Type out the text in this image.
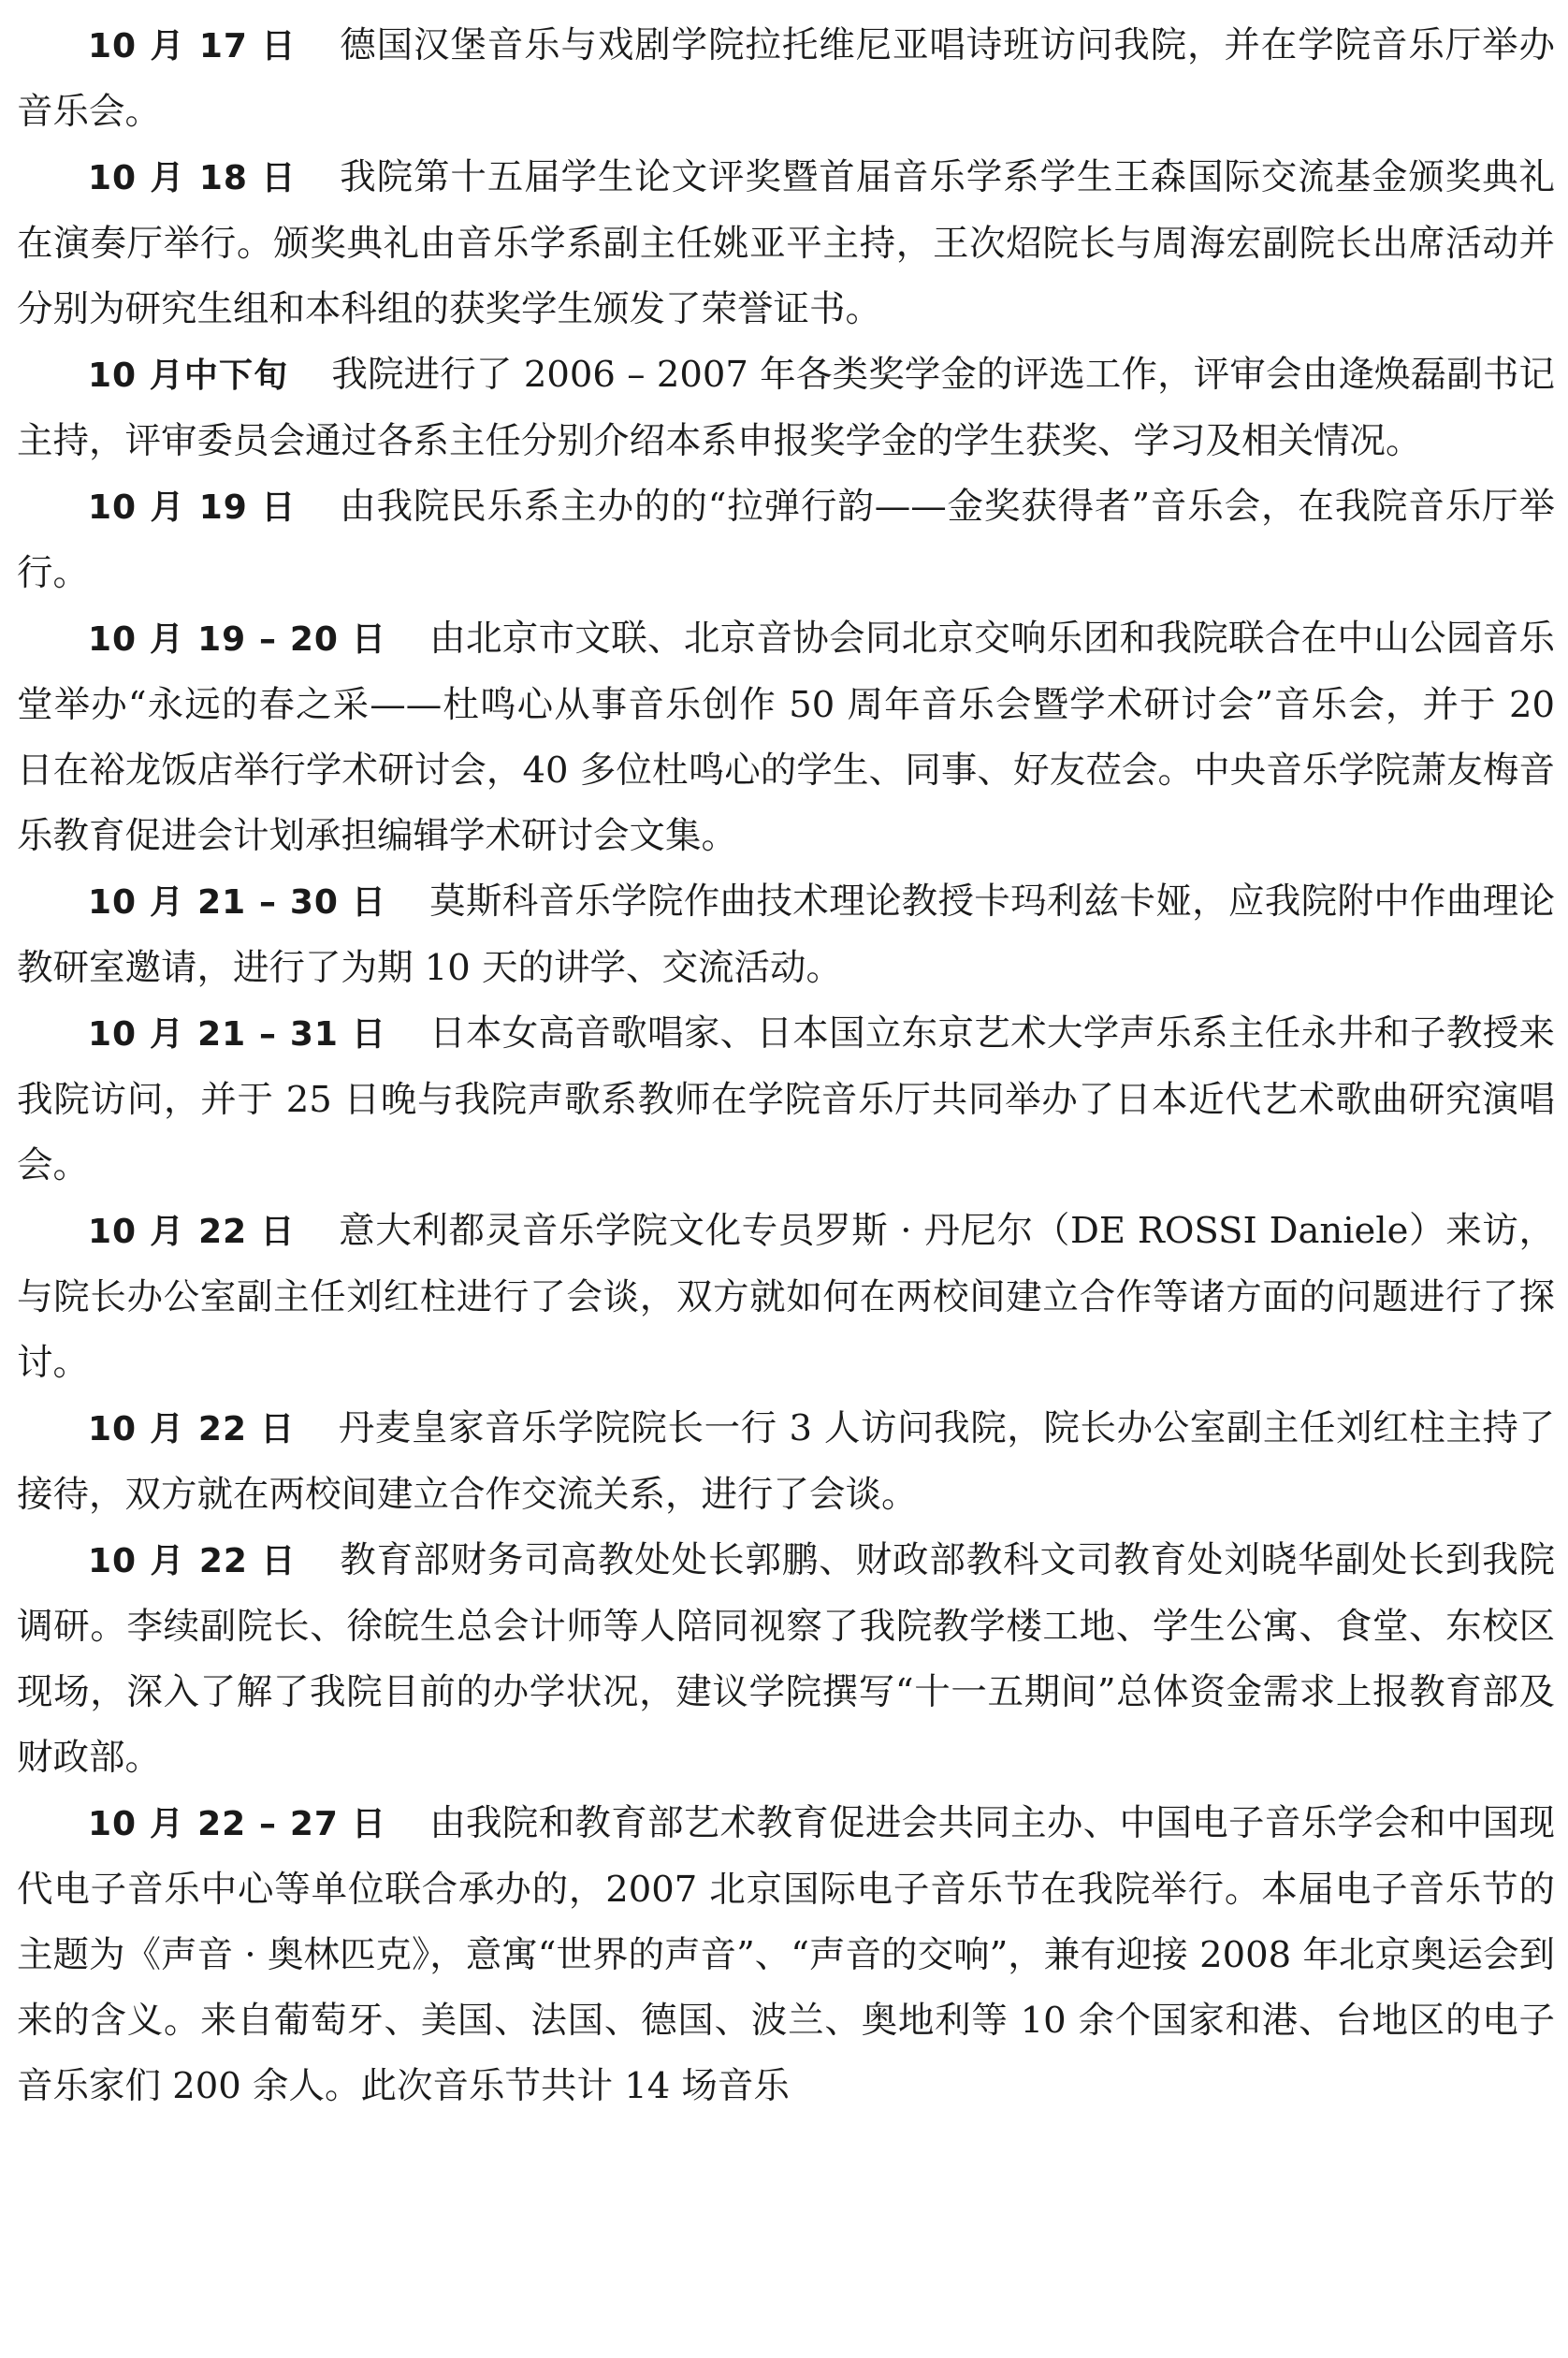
10 月 17 日 德国汉堡音乐与戏剧学院拉托维尼亚唱诗班访问我院，并在学院音乐厅举办音乐会。

10 月 18 日 我院第十五届学生论文评奖暨首届音乐学系学生王森国际交流基金颁奖典礼在演奏厅举行。颁奖典礼由音乐学系副主任姚亚平主持，王次炤院长与周海宏副院长出席活动并分别为研究生组和本科组的获奖学生颁发了荣誉证书。

10 月中下旬 我院进行了 2006 – 2007 年各类奖学金的评选工作，评审会由逄焕磊副书记主持，评审委员会通过各系主任分别介绍本系申报奖学金的学生获奖、学习及相关情况。

10 月 19 日 由我院民乐系主办的的“拉弹行韵——金奖获得者”音乐会，在我院音乐厅举行。

10 月 19 – 20 日 由北京市文联、北京音协会同北京交响乐团和我院联合在中山公园音乐堂举办“永远的春之采——杜鸣心从事音乐创作 50 周年音乐会暨学术研讨会”音乐会，并于 20 日在裕龙饭店举行学术研讨会，40 多位杜鸣心的学生、同事、好友莅会。中央音乐学院萧友梅音乐教育促进会计划承担编辑学术研讨会文集。

10 月 21 – 30 日 莫斯科音乐学院作曲技术理论教授卡玛利兹卡娅，应我院附中作曲理论教研室邀请，进行了为期 10 天的讲学、交流活动。

10 月 21 – 31 日 日本女高音歌唱家、日本国立东京艺术大学声乐系主任永井和子教授来我院访问，并于 25 日晚与我院声歌系教师在学院音乐厅共同举办了日本近代艺术歌曲研究演唱会。

10 月 22 日 意大利都灵音乐学院文化专员罗斯 · 丹尼尔（DE ROSSI Daniele）来访，与院长办公室副主任刘红柱进行了会谈，双方就如何在两校间建立合作等诸方面的问题进行了探讨。

10 月 22 日 丹麦皇家音乐学院院长一行 3 人访问我院，院长办公室副主任刘红柱主持了接待，双方就在两校间建立合作交流关系，进行了会谈。

10 月 22 日 教育部财务司高教处处长郭鹏、财政部教科文司教育处刘晓华副处长到我院调研。李续副院长、徐皖生总会计师等人陪同视察了我院教学楼工地、学生公寓、食堂、东校区现场，深入了解了我院目前的办学状况，建议学院撰写“十一五期间”总体资金需求上报教育部及财政部。

10 月 22 – 27 日 由我院和教育部艺术教育促进会共同主办、中国电子音乐学会和中国现代电子音乐中心等单位联合承办的，2007 北京国际电子音乐节在我院举行。本届电子音乐节的主题为《声音 · 奥林匹克》，意寓“世界的声音”、“声音的交响”，兼有迎接 2008 年北京奥运会到来的含义。来自葡萄牙、美国、法国、德国、波兰、奥地利等 10 余个国家和港、台地区的电子音乐家们 200 余人。此次音乐节共计 14 场音乐
